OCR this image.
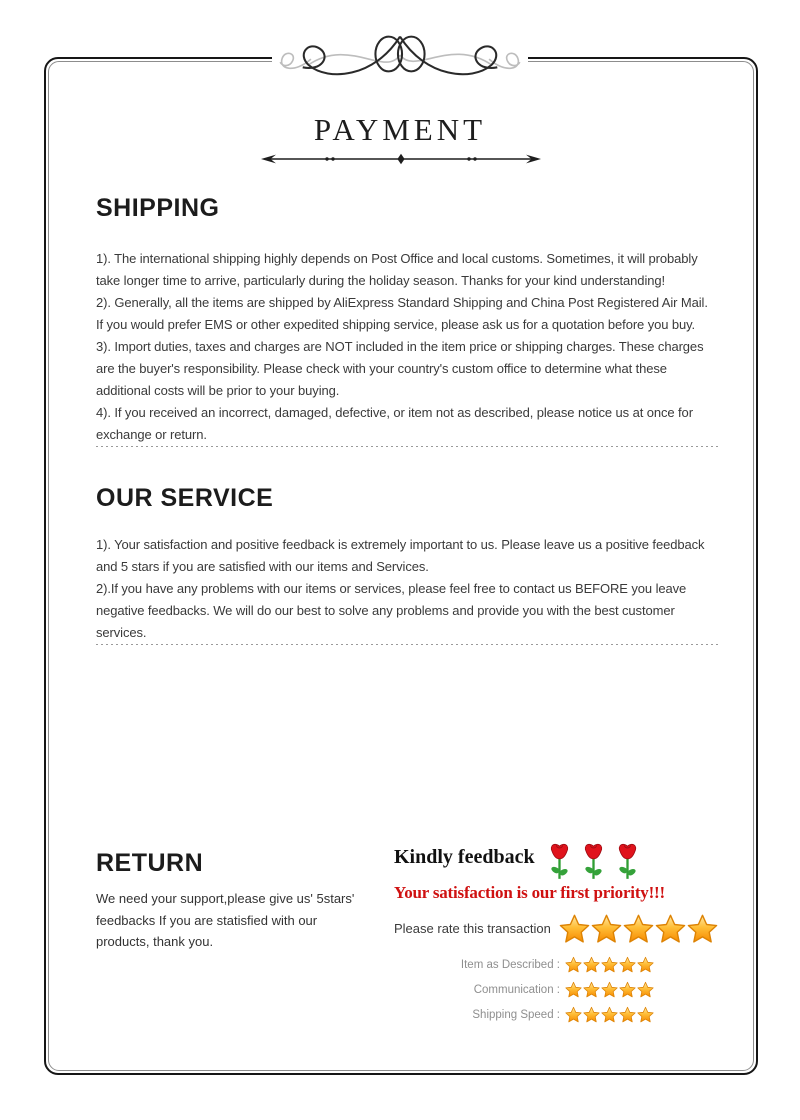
PAYMENT
SHIPPING

1). The international shipping highly depends on Post Office and local customs. Sometimes, it will probably take longer time to arrive, particularly during the holiday season. Thanks for your kind understanding!

2). Generally, all the items are shipped by AliExpress Standard Shipping and China Post Registered Air Mail. If you would prefer EMS or other expedited shipping service, please ask us for a quotation before you buy.

3). Import duties, taxes and charges are NOT included in the item price or shipping charges. These charges are the buyer's responsibility. Please check with your country's custom office to determine what these additional costs will be prior to your buying.

4). If you received an incorrect, damaged, defective, or item not as described, please notice us at once for exchange or return.

OUR SERVICE

1). Your satisfaction and positive feedback is extremely important to us. Please leave us a positive feedback and 5 stars if you are satisfied with our items and Services.

2).If you have any problems with our items or services, please feel free to contact us BEFORE you leave negative feedbacks. We will do our best to solve any problems and provide you with the best customer services.

RETURN

We need your support,please give us' 5stars' feedbacks If you are statisfied with our products, thank you.

Kindly feedback
Your satisfaction is our first priority!!!
Please rate this transaction
Item as Described :
Communication :
Shipping Speed :
